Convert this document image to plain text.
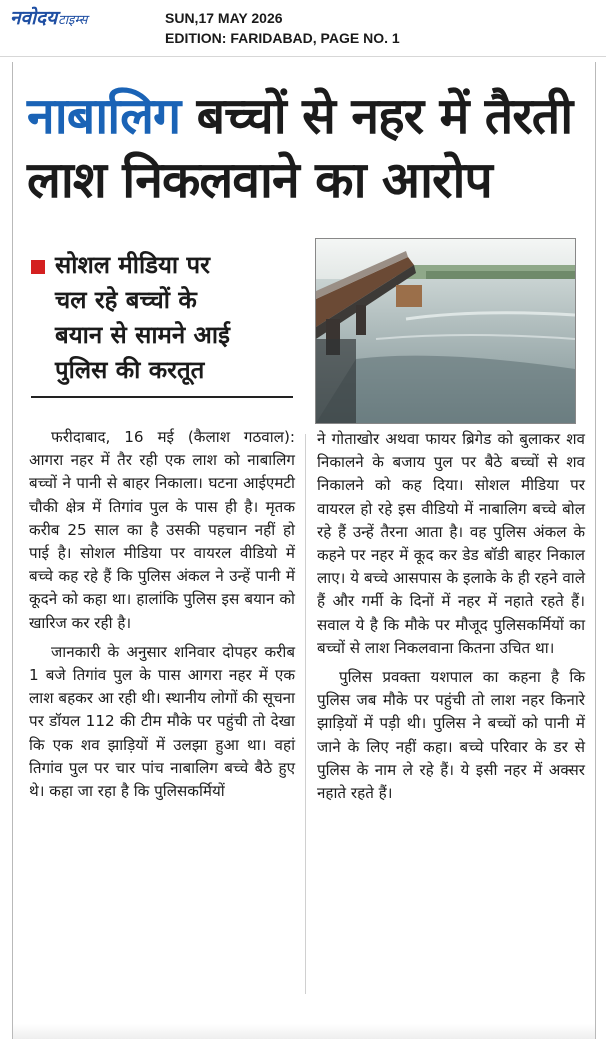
नवोदयटाइम्स	SUN,17 MAY 2026
EDITION: FARIDABAD, PAGE NO. 1
नाबालिग बच्चों से नहर में तैरती
लाश निकलवाने का आरोप
सोशल मीडिया पर
चल रहे बच्चों के
बयान से सामने आई
पुलिस की करतूत

फरीदाबाद, 16 मई (कैलाश गठवाल): आगरा नहर में तैर रही एक लाश को नाबालिग बच्चों ने पानी से बाहर निकाला। घटना आईएमटी चौकी क्षेत्र में तिगांव पुल के पास ही है। मृतक करीब 25 साल का है उसकी पहचान नहीं हो पाई है। सोशल मीडिया पर वायरल वीडियो में बच्चे कह रहे हैं कि पुलिस अंकल ने उन्हें पानी में कूदने को कहा था। हालांकि पुलिस इस बयान को खारिज कर रही है।

जानकारी के अनुसार शनिवार दोपहर करीब 1 बजे तिगांव पुल के पास आगरा नहर में एक लाश बहकर आ रही थी। स्थानीय लोगों की सूचना पर डॉयल 112 की टीम मौके पर पहुंची तो देखा कि एक शव झाड़ियों में उलझा हुआ था। वहां तिगांव पुल पर चार पांच नाबालिग बच्चे बैठे हुए थे। कहा जा रहा है कि पुलिसकर्मियों

ने गोताखोर अथवा फायर ब्रिगेड को बुलाकर शव निकालने के बजाय पुल पर बैठे बच्चों से शव निकालने को कह दिया। सोशल मीडिया पर वायरल हो रहे इस वीडियो में नाबालिग बच्चे बोल रहे हैं उन्हें तैरना आता है। वह पुलिस अंकल के कहने पर नहर में कूद कर डेड बॉडी बाहर निकाल लाए। ये बच्चे आसपास के इलाके के ही रहने वाले हैं और गर्मी के दिनों में नहर में नहाते रहते हैं। सवाल ये है कि मौके पर मौजूद पुलिसकर्मियों का बच्चों से लाश निकलवाना कितना उचित था।

पुलिस प्रवक्ता यशपाल का कहना है कि पुलिस जब मौके पर पहुंची तो लाश नहर किनारे झाड़ियों में पड़ी थी। पुलिस ने बच्चों को पानी में जाने के लिए नहीं कहा। बच्चे परिवार के डर से पुलिस के नाम ले रहे हैं। ये इसी नहर में अक्सर नहाते रहते हैं।
